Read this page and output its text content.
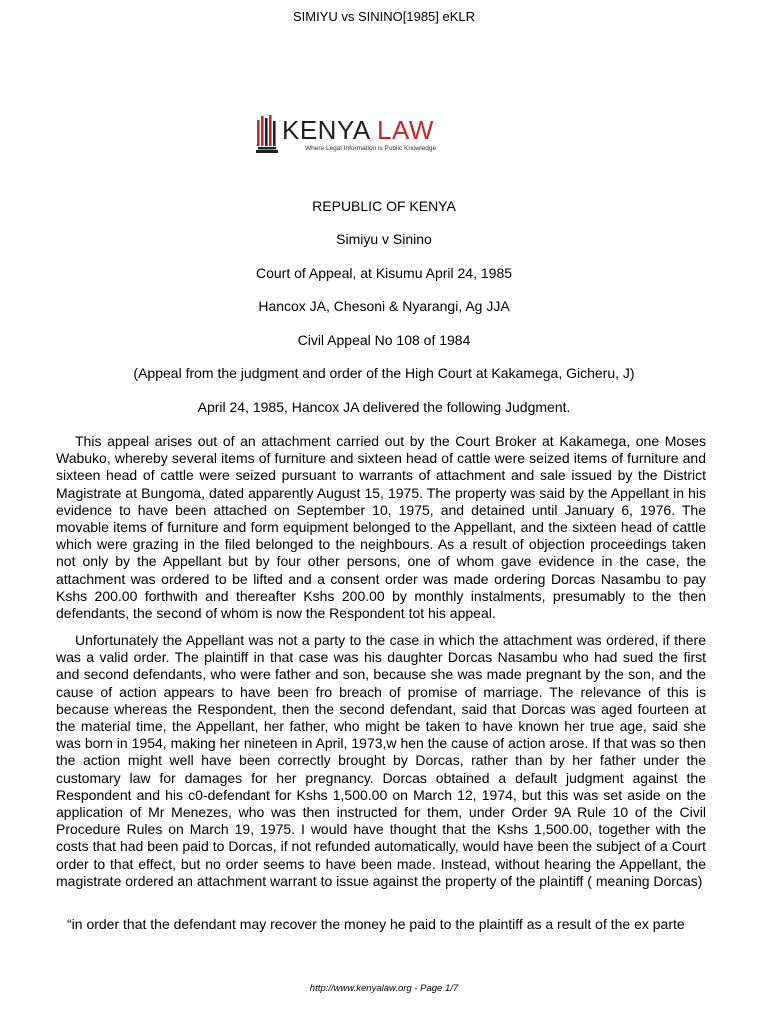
SIMIYU vs SININO[1985] eKLR
KENYA LAW
Where Legal Information is Public Knowledge
REPUBLIC OF KENYA
Simiyu v Sinino
Court of Appeal, at Kisumu April 24, 1985
Hancox JA, Chesoni & Nyarangi, Ag JJA
Civil Appeal No 108 of 1984
(Appeal from the judgment and order of the High Court at Kakamega, Gicheru, J)
April 24, 1985, Hancox JA delivered the following Judgment.

This appeal arises out of an attachment carried out by the Court Broker at Kakamega, one Moses Wabuko, whereby several items of furniture and sixteen head of cattle were seized items of furniture and sixteen head of cattle were seized pursuant to warrants of attachment and sale issued by the District Magistrate at Bungoma, dated apparently August 15, 1975. The property was said by the Appellant in his evidence to have been attached on September 10, 1975, and detained until January 6, 1976. The movable items of furniture and form equipment belonged to the Appellant, and the sixteen head of cattle which were grazing in the filed belonged to the neighbours. As a result of objection proceedings taken not only by the Appellant but by four other persons, one of whom gave evidence in the case, the attachment was ordered to be lifted and a consent order was made ordering Dorcas Nasambu to pay Kshs 200.00 forthwith and thereafter Kshs 200.00 by monthly instalments, presumably to the then defendants, the second of whom is now the Respondent tot his appeal.

Unfortunately the Appellant was not a party to the case in which the attachment was ordered, if there was a valid order. The plaintiff in that case was his daughter Dorcas Nasambu who had sued the first and second defendants, who were father and son, because she was made pregnant by the son, and the cause of action appears to have been fro breach of promise of marriage. The relevance of this is because whereas the Respondent, then the second defendant, said that Dorcas was aged fourteen at the material time, the Appellant, her father, who might be taken to have known her true age, said she was born in 1954, making her nineteen in April, 1973,w hen the cause of action arose. If that was so then the action might well have been correctly brought by Dorcas, rather than by her father under the customary law for damages for her pregnancy. Dorcas obtained a default judgment against the Respondent and his c0-defendant for Kshs 1,500.00 on March 12, 1974, but this was set aside on the application of Mr Menezes, who was then instructed for them, under Order 9A Rule 10 of the Civil Procedure Rules on March 19, 1975. I would have thought that the Kshs 1,500.00, together with the costs that had been paid to Dorcas, if not refunded automatically, would have been the subject of a Court order to that effect, but no order seems to have been made. Instead, without hearing the Appellant, the magistrate ordered an attachment warrant to issue against the property of the plaintiff ( meaning Dorcas)

“in order that the defendant may recover the money he paid to the plaintiff as a result of the ex parte
http://www.kenyalaw.org - Page 1/7
